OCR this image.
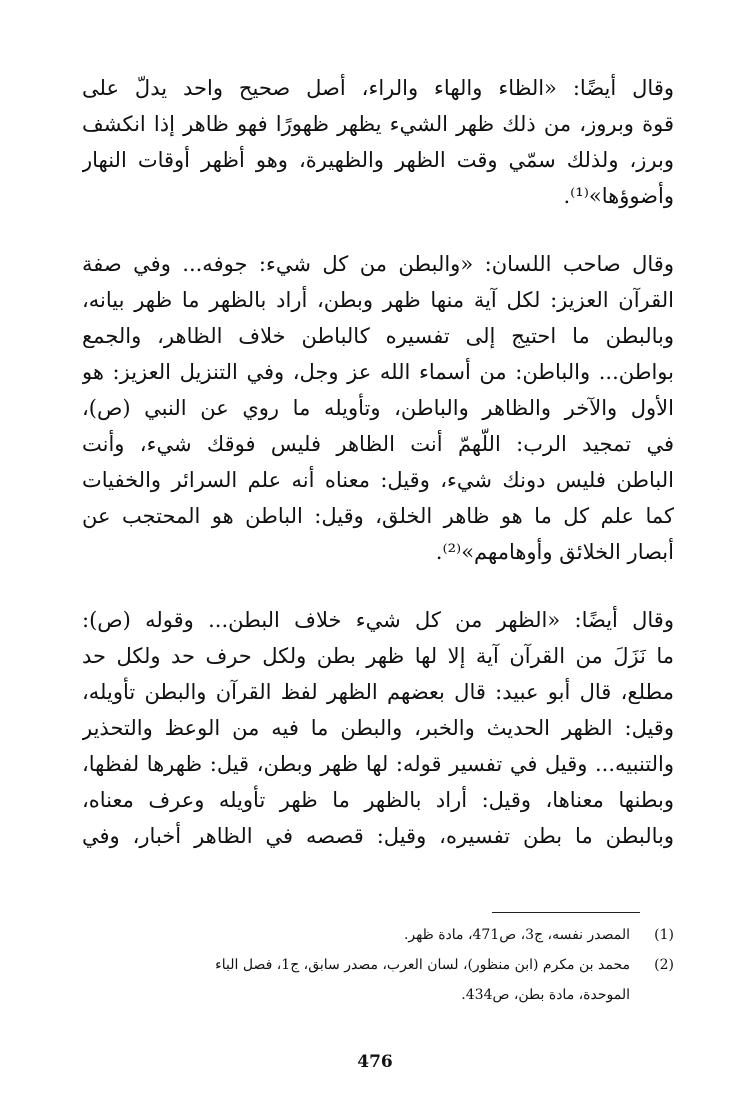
وقال أيضًا: «الظاء والهاء والراء، أصل صحيح واحد يدلّ على
قوة وبروز، من ذلك ظهر الشيء يظهر ظهورًا فهو ظاهر إذا انكشف
وبرز، ولذلك سمّي وقت الظهر والظهيرة، وهو أظهر أوقات النهار
وأضوؤها»⁽¹⁾.
وقال صاحب اللسان: «والبطن من كل شيء: جوفه... وفي صفة
القرآن العزيز: لكل آية منها ظهر وبطن، أراد بالظهر ما ظهر بيانه،
وبالبطن ما احتيج إلى تفسيره كالباطن خلاف الظاهر، والجمع
بواطن... والباطن: من أسماء الله عز وجل، وفي التنزيل العزيز: هو
الأول والآخر والظاهر والباطن، وتأويله ما روي عن النبي (ص)،
في تمجيد الرب: اللّهمّ أنت الظاهر فليس فوقك شيء، وأنت
الباطن فليس دونك شيء، وقيل: معناه أنه علم السرائر والخفيات
كما علم كل ما هو ظاهر الخلق، وقيل: الباطن هو المحتجب عن
أبصار الخلائق وأوهامهم»⁽²⁾.
وقال أيضًا: «الظهر من كل شيء خلاف البطن... وقوله (ص):
ما نَزَلَ من القرآن آية إلا لها ظهر بطن ولكل حرف حد ولكل حد
مطلع، قال أبو عبيد: قال بعضهم الظهر لفظ القرآن والبطن تأويله،
وقيل: الظهر الحديث والخبر، والبطن ما فيه من الوعظ والتحذير
والتنبيه... وقيل في تفسير قوله: لها ظهر وبطن، قيل: ظهرها لفظها،
وبطنها معناها، وقيل: أراد بالظهر ما ظهر تأويله وعرف معناه،
وبالبطن ما بطن تفسيره، وقيل: قصصه في الظاهر أخبار، وفي
(1)
المصدر نفسه، ج3، ص471، مادة ظهر.
(2)
محمد بن مكرم (ابن منظور)، لسان العرب، مصدر سابق، ج1، فصل الباء
الموحدة، مادة بطن، ص434.
476
